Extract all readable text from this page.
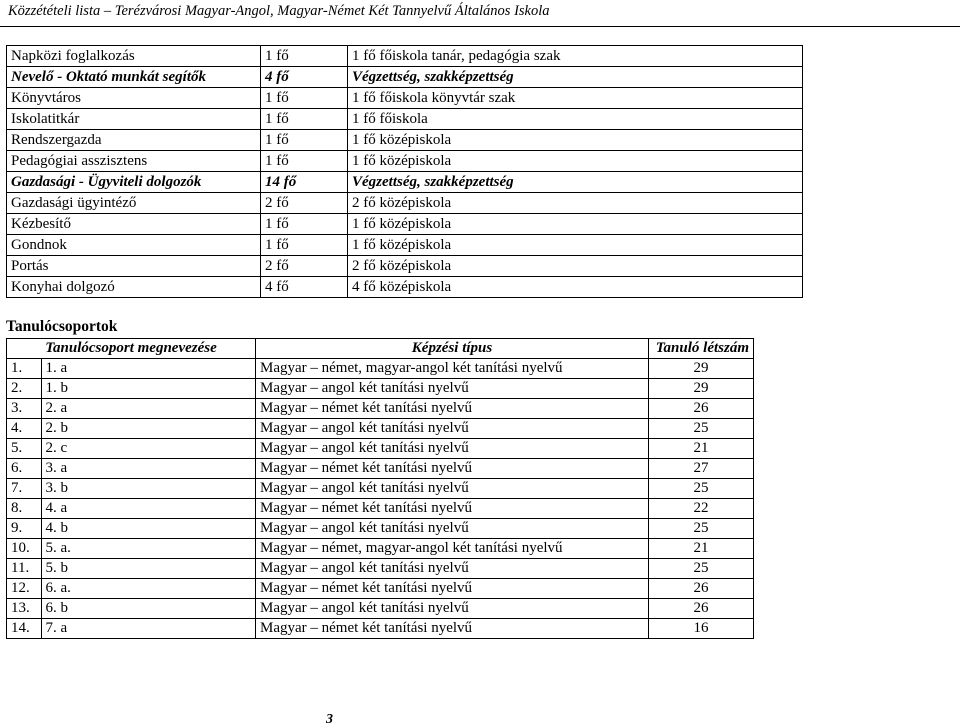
Közzétételi lista – Terézvárosi Magyar-Angol, Magyar-Német Két Tannyelvű Általános Iskola
Napközi foglalkozás	1 fő	1 fő főiskola tanár, pedagógia szak
Nevelő - Oktató munkát segítők	4 fő	Végzettség, szakképzettség
Könyvtáros	1 fő	1 fő főiskola könyvtár szak
Iskolatitkár	1 fő	1 fő főiskola
Rendszergazda	1 fő	1 fő középiskola
Pedagógiai asszisztens	1 fő	1 fő középiskola
Gazdasági - Ügyviteli dolgozók	14 fő	Végzettség, szakképzettség
Gazdasági ügyintéző	2 fő	2 fő középiskola
Kézbesítő	1 fő	1 fő középiskola
Gondnok	1 fő	1 fő középiskola
Portás	2 fő	2 fő középiskola
Konyhai dolgozó	4 fő	4 fő középiskola
Tanulócsoportok
Tanulócsoport megnevezése		Képzési típus	Tanuló létszám
1.	1. a	Magyar – német, magyar-angol két tanítási nyelvű	29
2.	1. b	Magyar – angol két tanítási nyelvű	29
3.	2. a	Magyar – német két tanítási nyelvű	26
4.	2. b	Magyar – angol két tanítási nyelvű	25
5.	2. c	Magyar – angol két tanítási nyelvű	21
6.	3. a	Magyar – német két tanítási nyelvű	27
7.	3. b	Magyar – angol két tanítási nyelvű	25
8.	4. a	Magyar – német két tanítási nyelvű	22
9.	4. b	Magyar – angol két tanítási nyelvű	25
10.	5. a.	Magyar – német, magyar-angol két tanítási nyelvű	21
11.	5. b	Magyar – angol két tanítási nyelvű	25
12.	6. a.	Magyar – német két tanítási nyelvű	26
13.	6. b	Magyar – angol két tanítási nyelvű	26
14.	7. a	Magyar – német két tanítási nyelvű	16
3
